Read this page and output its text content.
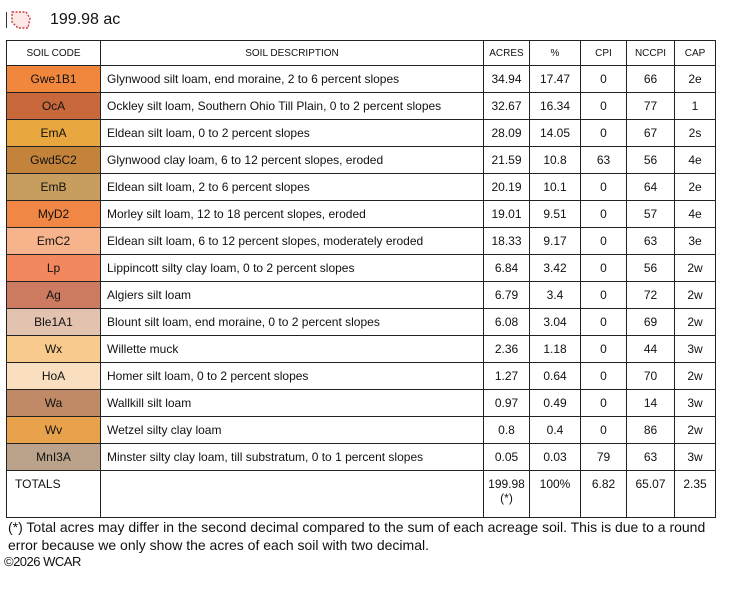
199.98 ac
SOIL CODE	SOIL DESCRIPTION	ACRES	%	CPI	NCCPI	CAP
Gwe1B1	Glynwood silt loam, end moraine, 2 to 6 percent slopes	34.94	17.47	0	66	2e
OcA	Ockley silt loam, Southern Ohio Till Plain, 0 to 2 percent slopes	32.67	16.34	0	77	1
EmA	Eldean silt loam, 0 to 2 percent slopes	28.09	14.05	0	67	2s
Gwd5C2	Glynwood clay loam, 6 to 12 percent slopes, eroded	21.59	10.8	63	56	4e
EmB	Eldean silt loam, 2 to 6 percent slopes	20.19	10.1	0	64	2e
MyD2	Morley silt loam, 12 to 18 percent slopes, eroded	19.01	9.51	0	57	4e
EmC2	Eldean silt loam, 6 to 12 percent slopes, moderately eroded	18.33	9.17	0	63	3e
Lp	Lippincott silty clay loam, 0 to 2 percent slopes	6.84	3.42	0	56	2w
Ag	Algiers silt loam	6.79	3.4	0	72	2w
Ble1A1	Blount silt loam, end moraine, 0 to 2 percent slopes	6.08	3.04	0	69	2w
Wx	Willette muck	2.36	1.18	0	44	3w
HoA	Homer silt loam, 0 to 2 percent slopes	1.27	0.64	0	70	2w
Wa	Wallkill silt loam	0.97	0.49	0	14	3w
Wv	Wetzel silty clay loam	0.8	0.4	0	86	2w
MnI3A	Minster silty clay loam, till substratum, 0 to 1 percent slopes	0.05	0.03	79	63	3w
TOTALS		199.98(*)	100%	6.82	65.07	2.35
(*) Total acres may differ in the second decimal compared to the sum of each acreage soil. This is due to a round error because we only show the acres of each soil with two decimal.
©2026 WCAR
